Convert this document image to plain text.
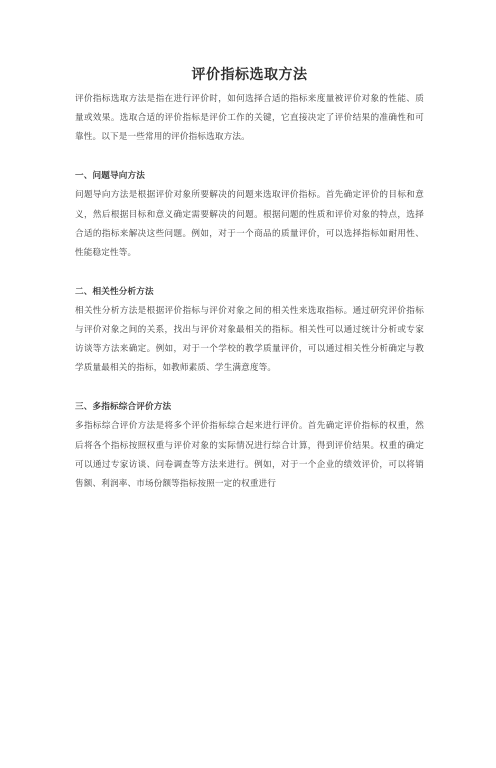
评价指标选取方法

评价指标选取方法是指在进行评价时，如何选择合适的指标来度量被评价对象的性能、质量或效果。选取合适的评价指标是评价工作的关键，它直接决定了评价结果的准确性和可靠性。以下是一些常用的评价指标选取方法。

一、问题导向方法

问题导向方法是根据评价对象所要解决的问题来选取评价指标。首先确定评价的目标和意义，然后根据目标和意义确定需要解决的问题。根据问题的性质和评价对象的特点，选择合适的指标来解决这些问题。例如，对于一个商品的质量评价，可以选择指标如耐用性、性能稳定性等。

二、相关性分析方法

相关性分析方法是根据评价指标与评价对象之间的相关性来选取指标。通过研究评价指标与评价对象之间的关系，找出与评价对象最相关的指标。相关性可以通过统计分析或专家访谈等方法来确定。例如，对于一个学校的教学质量评价，可以通过相关性分析确定与教学质量最相关的指标，如教师素质、学生满意度等。

三、多指标综合评价方法

多指标综合评价方法是将多个评价指标综合起来进行评价。首先确定评价指标的权重，然后将各个指标按照权重与评价对象的实际情况进行综合计算，得到评价结果。权重的确定可以通过专家访谈、问卷调查等方法来进行。例如，对于一个企业的绩效评价，可以将销售额、利润率、市场份额等指标按照一定的权重进行
